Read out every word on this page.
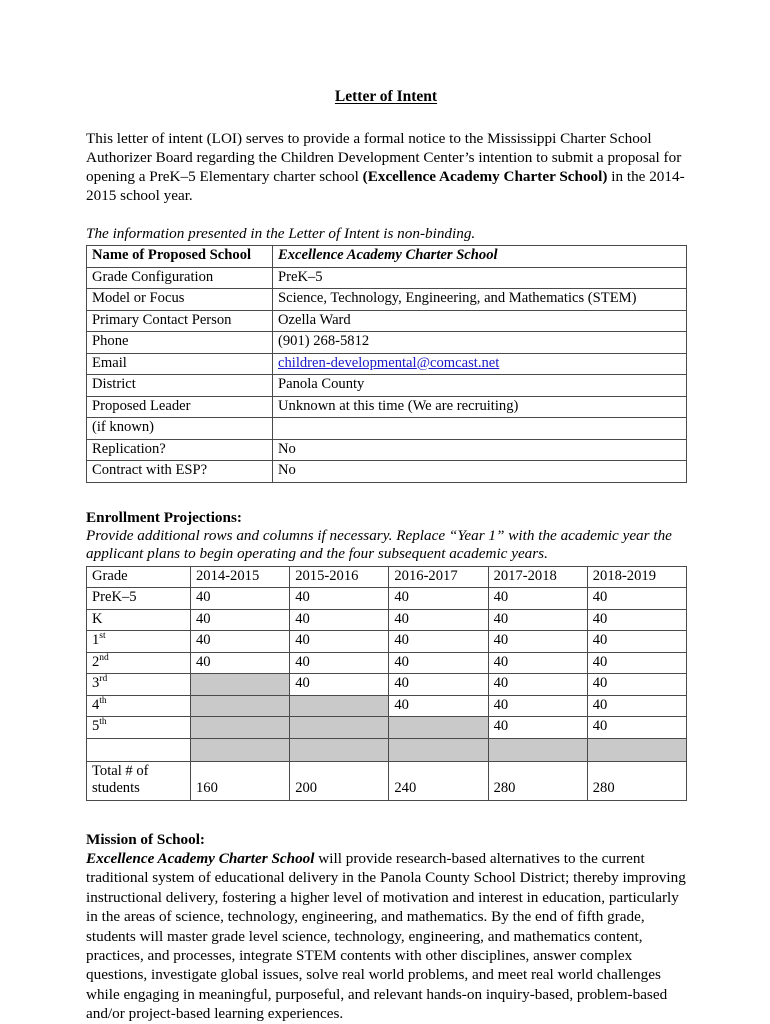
Letter of Intent

This letter of intent (LOI) serves to provide a formal notice to the Mississippi Charter School Authorizer Board regarding the Children Development Center’s intention to submit a proposal for opening a PreK–5 Elementary charter school (Excellence Academy Charter School) in the 2014-2015 school year.

The information presented in the Letter of Intent is non-binding.
Name of Proposed School	Excellence Academy Charter School
Grade Configuration	PreK–5
Model or Focus	Science, Technology, Engineering, and Mathematics (STEM)
Primary Contact Person	Ozella Ward
Phone	(901) 268-5812
Email	children-developmental@comcast.net
District	Panola County
Proposed Leader	Unknown at this time (We are recruiting)
(if known)	
Replication?	No
Contract with ESP?	No
Enrollment Projections:
Provide additional rows and columns if necessary. Replace “Year 1” with the academic year the applicant plans to begin operating and the four subsequent academic years.
Grade	2014-2015	2015-2016	2016-2017	2017-2018	2018-2019
PreK–5	40	40	40	40	40
K	40	40	40	40	40
1st	40	40	40	40	40
2nd	40	40	40	40	40
3rd		40	40	40	40
4th			40	40	40
5th				40	40

Total # of students	160	200	240	280	280
Mission of School:

Excellence Academy Charter School will provide research-based alternatives to the current traditional system of educational delivery in the Panola County School District; thereby improving instructional delivery, fostering a higher level of motivation and interest in education, particularly in the areas of science, technology, engineering, and mathematics. By the end of fifth grade, students will master grade level science, technology, engineering, and mathematics content, practices, and processes, integrate STEM contents with other disciplines, answer complex questions, investigate global issues, solve real world problems, and meet real world challenges while engaging in meaningful, purposeful, and relevant hands-on inquiry-based, problem-based and/or project-based learning experiences.
